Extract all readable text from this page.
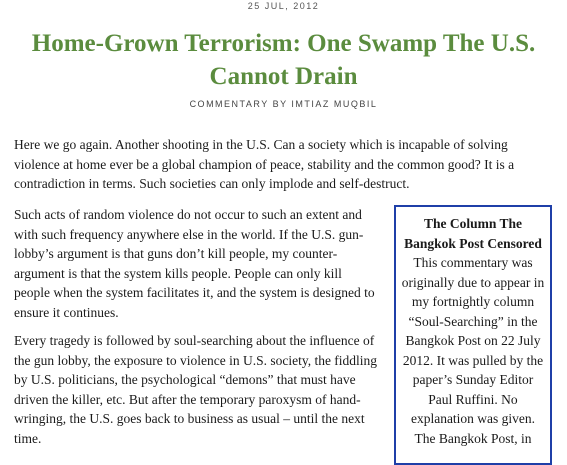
25 JUL, 2012
Home-Grown Terrorism: One Swamp The U.S. Cannot Drain
COMMENTARY BY IMTIAZ MUQBIL

Here we go again. Another shooting in the U.S. Can a society which is incapable of solving violence at home ever be a global champion of peace, stability and the common good? It is a contradiction in terms. Such societies can only implode and self-destruct.

Such acts of random violence do not occur to such an extent and with such frequency anywhere else in the world. If the U.S. gun-lobby’s argument is that guns don’t kill people, my counter-argument is that the system kills people. People can only kill people when the system facilitates it, and the system is designed to ensure it continues.

Every tragedy is followed by soul-searching about the influence of the gun lobby, the exposure to violence in U.S. society, the fiddling by U.S. politicians, the psychological “demons” that must have driven the killer, etc. But after the temporary paroxysm of hand-wringing, the U.S. goes back to business as usual – until the next time.

The Column The Bangkok Post Censored

This commentary was originally due to appear in my fortnightly column “Soul-Searching” in the Bangkok Post on 22 July 2012. It was pulled by the paper’s Sunday Editor Paul Ruffini. No explanation was given.

The Bangkok Post, in
